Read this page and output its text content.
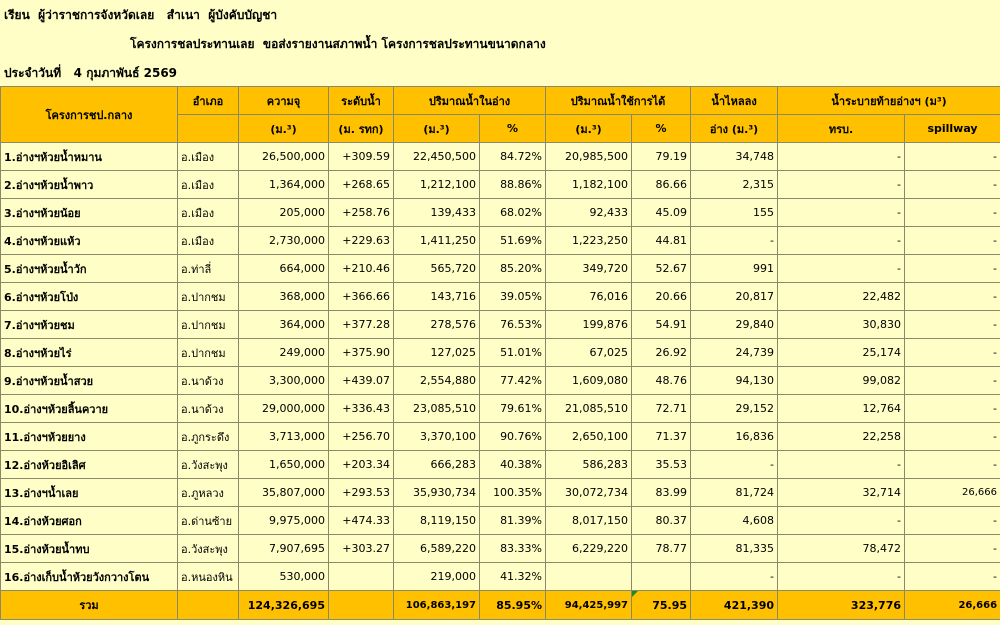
เรียน  ผู้ว่าราชการจังหวัดเลย   สำเนา  ผู้บังคับบัญชา
โครงการชลประทานเลย  ขอส่งรายงานสภาพน้ำ โครงการชลประทานขนาดกลาง
ประจำวันที่   4 กุมภาพันธ์ 2569
โครงการชป.กลาง	อำเภอ	ความจุ	ระดับน้ำ	ปริมาณน้ำในอ่าง		ปริมาณน้ำใช้การได้		น้ำไหลลง	น้ำระบายท้ายอ่างฯ (ม³)	
		(ม.³)	(ม. รทก)	(ม.³)	%	(ม.³)	%	อ่าง (ม.³)	ทรบ.	spillway
1.อ่างฯห้วยน้ำหมาน	อ.เมือง	26,500,000	+309.59	22,450,500	84.72%	20,985,500	79.19	34,748	-	-
2.อ่างฯห้วยน้ำพาว	อ.เมือง	1,364,000	+268.65	1,212,100	88.86%	1,182,100	86.66	2,315	-	-
3.อ่างฯห้วยน้อย	อ.เมือง	205,000	+258.76	139,433	68.02%	92,433	45.09	155	-	-
4.อ่างฯห้วยแห้ว	อ.เมือง	2,730,000	+229.63	1,411,250	51.69%	1,223,250	44.81	-	-	-
5.อ่างฯห้วยน้ำวัก	อ.ท่าลี่	664,000	+210.46	565,720	85.20%	349,720	52.67	991	-	-
6.อ่างฯห้วยโป่ง	อ.ปากชม	368,000	+366.66	143,716	39.05%	76,016	20.66	20,817	22,482	-
7.อ่างฯห้วยชม	อ.ปากชม	364,000	+377.28	278,576	76.53%	199,876	54.91	29,840	30,830	-
8.อ่างฯห้วยไร่	อ.ปากชม	249,000	+375.90	127,025	51.01%	67,025	26.92	24,739	25,174	-
9.อ่างฯห้วยน้ำสวย	อ.นาด้วง	3,300,000	+439.07	2,554,880	77.42%	1,609,080	48.76	94,130	99,082	-
10.อ่างฯห้วยลิ้นควาย	อ.นาด้วง	29,000,000	+336.43	23,085,510	79.61%	21,085,510	72.71	29,152	12,764	-
11.อ่างฯห้วยยาง	อ.ภูกระดึง	3,713,000	+256.70	3,370,100	90.76%	2,650,100	71.37	16,836	22,258	-
12.อ่างห้วยอิเลิศ	อ.วังสะพุง	1,650,000	+203.34	666,283	40.38%	586,283	35.53	-	-	-
13.อ่างฯน้ำเลย	อ.ภูหลวง	35,807,000	+293.53	35,930,734	100.35%	30,072,734	83.99	81,724	32,714	26,666
14.อ่างห้วยศอก	อ.ด่านซ้าย	9,975,000	+474.33	8,119,150	81.39%	8,017,150	80.37	4,608	-	-
15.อ่างห้วยน้ำทบ	อ.วังสะพุง	7,907,695	+303.27	6,589,220	83.33%	6,229,220	78.77	81,335	78,472	-
16.อ่างเก็บน้ำห้วยวังกวางโตน	อ.หนองหิน	530,000		219,000	41.32%			-	-	-
รวม		124,326,695		106,863,197	85.95%	94,425,997	75.95	421,390	323,776	26,666
